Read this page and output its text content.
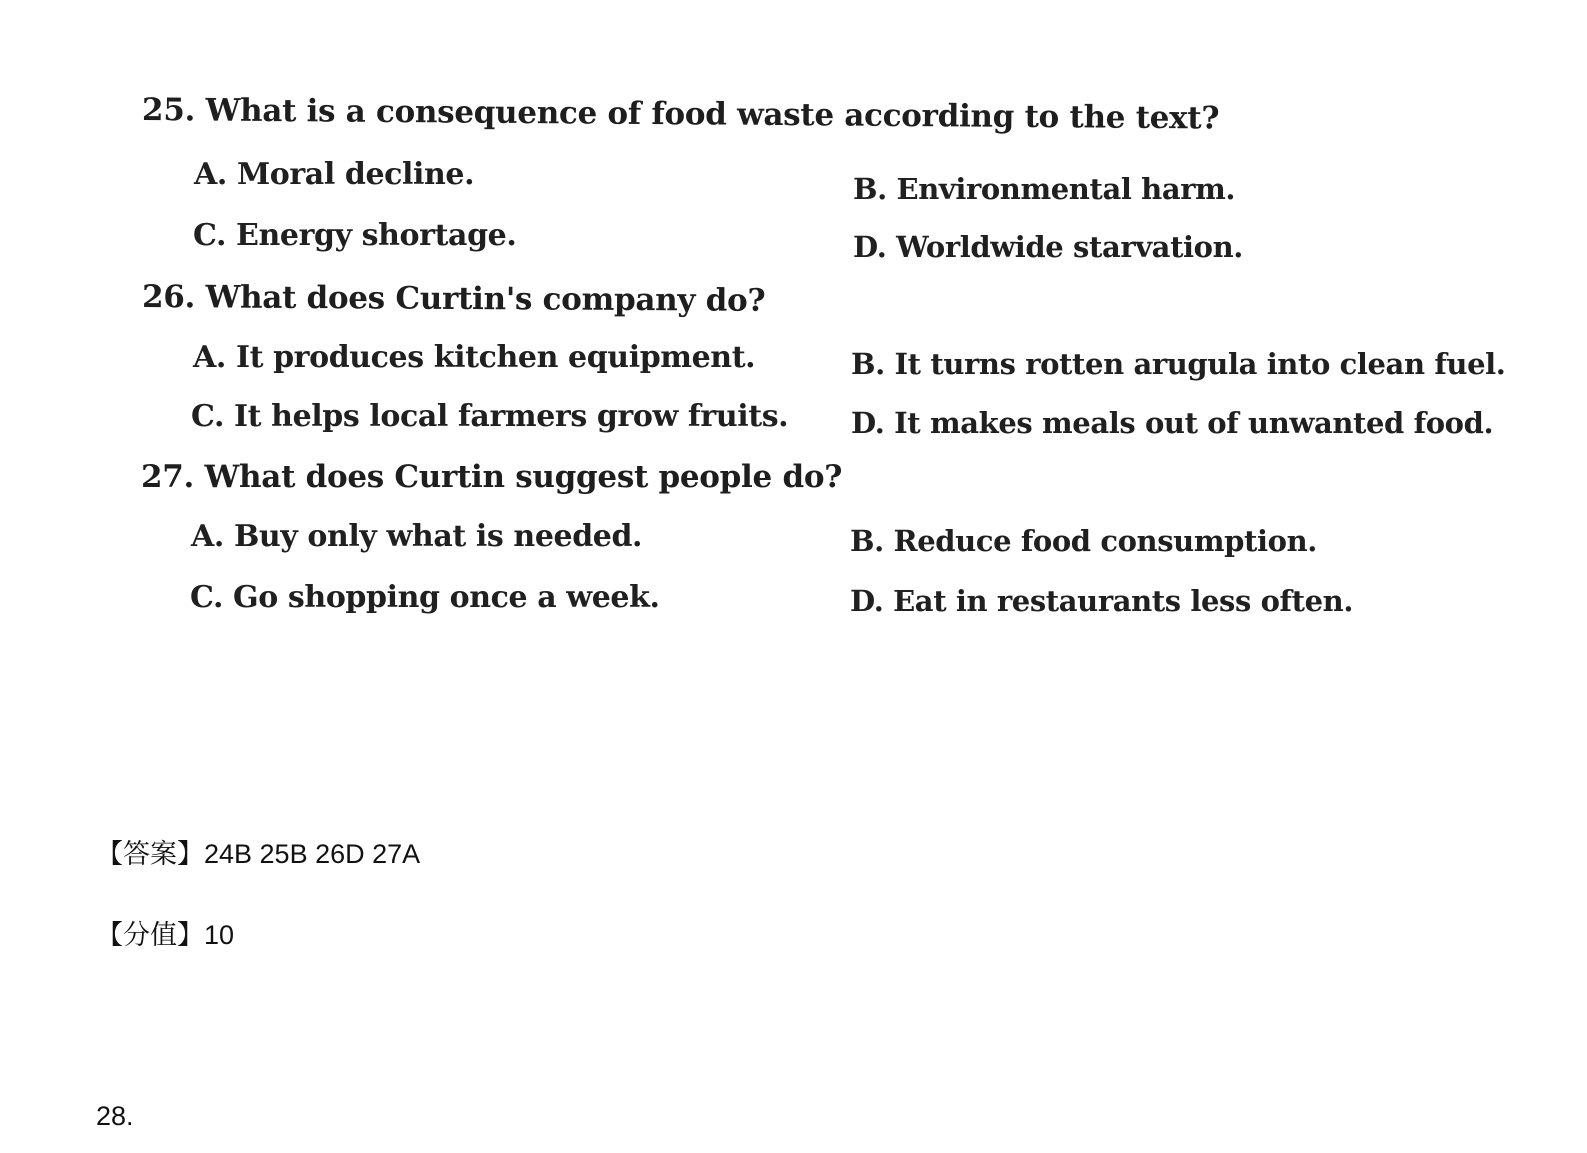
25. What is a consequence of food waste according to the text?
A. Moral decline.	B. Environmental harm.
C. Energy shortage.	D. Worldwide starvation.
26. What does Curtin's company do?
A. It produces kitchen equipment.	B. It turns rotten arugula into clean fuel.
C. It helps local farmers grow fruits. D. It makes meals out of unwanted food.
27. What does Curtin suggest people do?
A. Buy only what is needed.	B. Reduce food consumption.
C. Go shopping once a week.	D. Eat in restaurants less often.
【答案】24B 25B 26D 27A
【分值】10
28.
